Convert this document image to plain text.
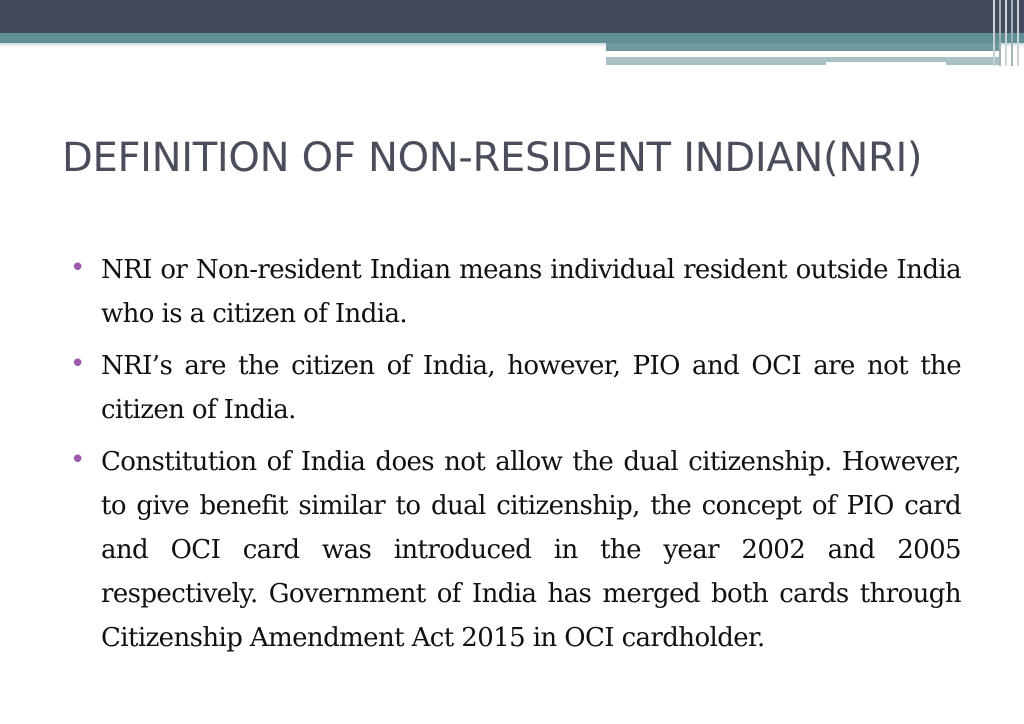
DEFINITION OF NON-RESIDENT INDIAN(NRI)
• NRI or Non-resident Indian means individual resident outside India who is a citizen of India.
• NRI’s are the citizen of India, however, PIO and OCI are not the citizen of India.
• Constitution of India does not allow the dual citizenship. However, to give benefit similar to dual citizenship, the concept of PIO card and OCI card was introduced in the year 2002 and 2005 respectively. Government of India has merged both cards through Citizenship Amendment Act 2015 in OCI cardholder.
